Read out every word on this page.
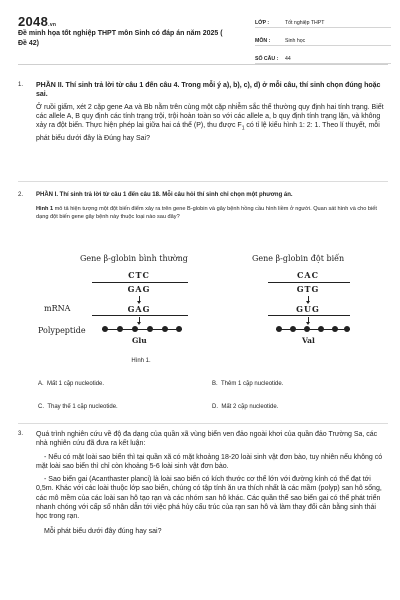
2048.vn
Đề minh họa tốt nghiệp THPT môn Sinh có đáp án năm 2025 ( Đề 42)
LỚP :	Tốt nghiệp THPT
MÔN :	Sinh học
SỐ CÂU :	44
1. PHẦN II. Thí sinh trả lời từ câu 1 đến câu 4. Trong mỗi ý a), b), c), d) ở mỗi câu, thí sinh chọn đúng hoặc sai.

Ở ruồi giấm, xét 2 cặp gene Aa và Bb nằm trên cùng một cặp nhiễm sắc thể thường quy định hai tính trạng. Biết các allele A, B quy định các tính trạng trội, trội hoàn toàn so với các allele a, b quy định tính trạng lặn, và không xảy ra đột biến. Thực hiện phép lai giữa hai cá thể (P), thu được $F_1$ có tỉ lệ kiểu hình 1: 2: 1. Theo lí thuyết, mỗi phát biểu dưới đây là Đúng hay Sai?

2. PHẦN I. Thí sinh trả lời từ câu 1 đến câu 18. Mỗi câu hỏi thí sinh chỉ chọn một phương án.

Hình 1 mô tả hiện tượng một đột biến điểm xảy ra trên gene B-globin và gây bệnh hồng cầu hình liềm ở người. Quan sát hình và cho biết dạng đột biến gene gây bệnh này thuộc loại nào sau đây?

Gene β-globin bình thường	Gene β-globin đột biến
CTC
GAG
GAG
CAC
GTG
GUG
mRNA
Polypeptide
Glu	Val
Hình 1.
A. Mất 1 cặp nucleotide.	B. Thêm 1 cặp nucleotide.
C. Thay thế 1 cặp nucleotide.	D. Mất 2 cặp nucleotide.
3. Quá trình nghiên cứu về độ đa dạng của quần xã vùng biển ven đảo ngoài khơi của quần đảo Trường Sa, các nhà nghiên cứu đã đưa ra kết luận:

- Nếu có mặt loài sao biển thì tại quần xã có mặt khoảng 18-20 loài sinh vật đơn bào, tuy nhiên nếu không có mặt loài sao biển thì chỉ còn khoảng 5-6 loài sinh vật đơn bào.

- Sao biển gai (Acanthaster planci) là loài sao biển có kích thước cơ thể lớn với đường kính có thể đạt tới 0,5m. Khác với các loài thuộc lớp sao biển, chúng có tập tính ăn ưa thích nhất là các mầm (polyp) san hô sống, các mô mềm của các loài san hô tạo rạn và các nhóm san hô khác. Các quần thể sao biển gai có thể phát triển nhanh chóng với cấp số nhân dẫn tới việc phá hủy cấu trúc của rạn san hô và làm thay đổi cân bằng sinh thái học trong rạn.

Mỗi phát biểu dưới đây đúng hay sai?
